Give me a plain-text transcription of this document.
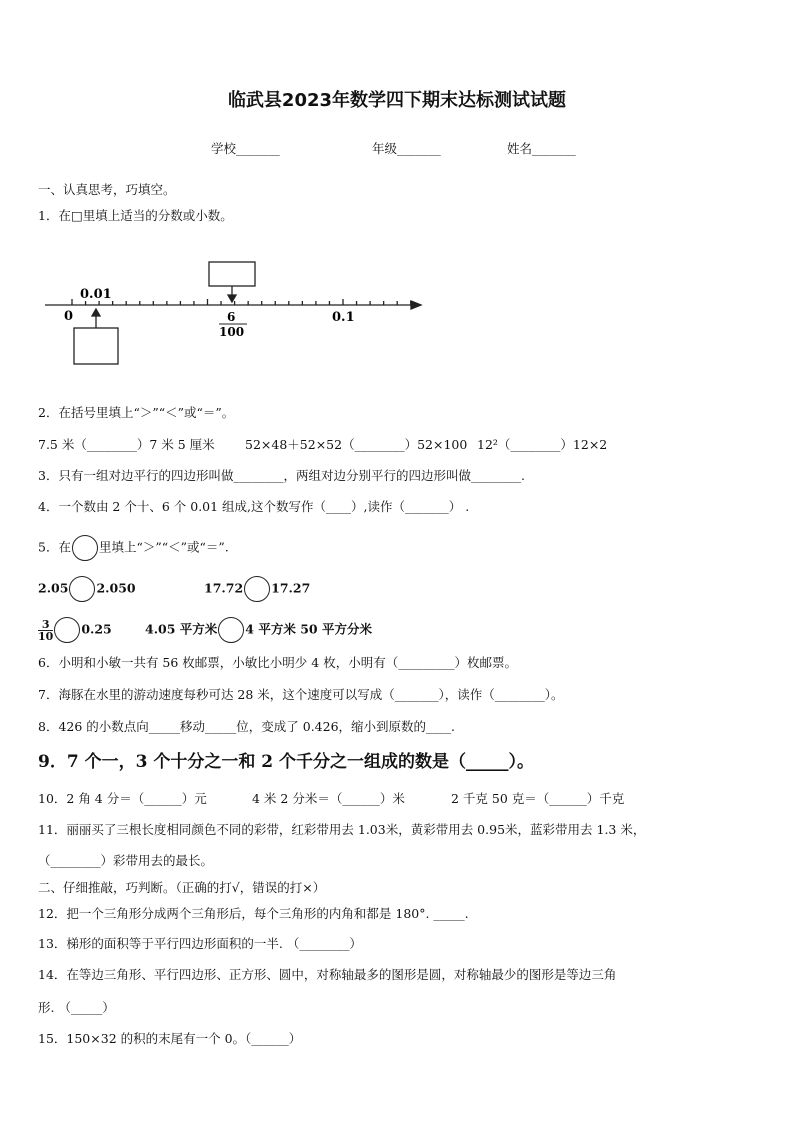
临武县2023年数学四下期末达标测试试题
学校_______	年级_______	姓名_______
一、认真思考，巧填空。
1．在□里填上适当的分数或小数。
0.01
0	6
100
0.1
2．在括号里填上“＞”“＜”或“＝”。
7.5 米（________）7 米 5 厘米 52×48＋52×52（________）52×100 12²（________）12×2
3．只有一组对边平行的四边形叫做________，两组对边分别平行的四边形叫做________.
4．一个数由 2 个十、6 个 0.01 组成,这个数写作（____）,读作（_______） .
5．在 里填上“＞”“＜”或“＝”.
2.05 2.050	17.72 17.27
$\frac{3}{10} 0.25$	4.05 平方米 4 平方米 50 平方分米
6．小明和小敏一共有 56 枚邮票，小敏比小明少 4 枚，小明有（_________）枚邮票。
7．海豚在水里的游动速度每秒可达 28 米，这个速度可以写成（_______），读作（________）。
8．426 的小数点向_____移动_____位，变成了 0.426，缩小到原数的____.
9．7 个一，3 个十分之一和 2 个千分之一组成的数是（_____）。
10．2 角 4 分＝（______）元	4 米 2 分米＝（______）米	2 千克 50 克＝（______）千克
11．丽丽买了三根长度相同颜色不同的彩带，红彩带用去 1.03米，黄彩带用去 0.95米，蓝彩带用去 1.3 米，
（________）彩带用去的最长。
二、仔细推敲，巧判断。（正确的打√，错误的打×）
12．把一个三角形分成两个三角形后，每个三角形的内角和都是 180°. _____.
13．梯形的面积等于平行四边形面积的一半. （________）
14．在等边三角形、平行四边形、正方形、圆中，对称轴最多的图形是圆，对称轴最少的图形是等边三角
形. （_____）
15．150×32 的积的末尾有一个 0。（______）
